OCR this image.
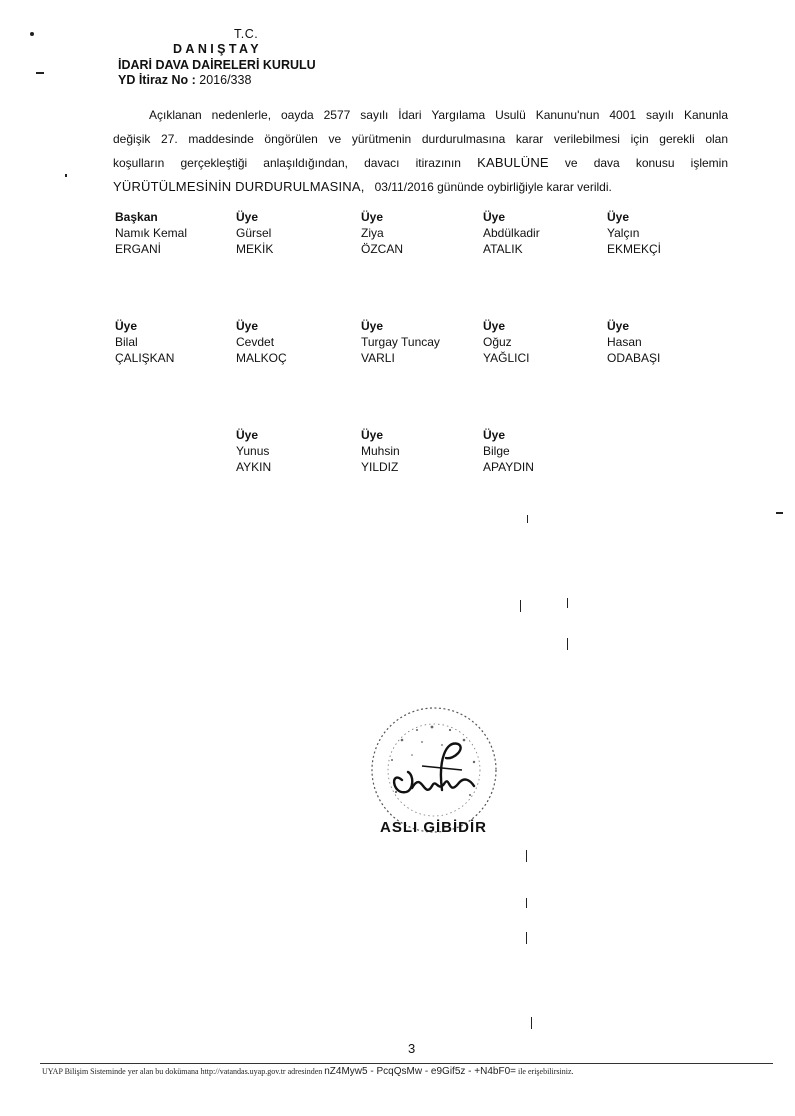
T.C.
DANIŞTAY
İDARİ DAVA DAİRELERİ KURULU
YD İtiraz No : 2016/338
Açıklanan nedenlerle, oayda 2577 sayılı İdari Yargılama Usulü Kanunu'nun 4001 sayılı Kanunla
değişik 27. maddesinde öngörülen ve yürütmenin durdurulmasına karar verilebilmesi için gerekli olan
koşulların gerçekleştiği anlaşıldığından, davacı itirazının KABULÜNE ve dava konusu işlemin
YÜRÜTÜLMESİNİN DURDURULMASINA, 03/11/2016 gününde oybirliğiyle karar verildi.
Başkan
Namık Kemal
ERGANİ
Üye
Gürsel
MEKİK
Üye
Ziya
ÖZCAN
Üye
Abdülkadir
ATALIK
Üye
Yalçın
EKMEKÇİ
Üye
Bilal
ÇALIŞKAN
Üye
Cevdet
MALKOÇ
Üye
Turgay Tuncay
VARLI
Üye
Oğuz
YAĞLICI
Üye
Hasan
ODABAŞI
Üye
Yunus
AYKIN
Üye
Muhsin
YILDIZ
Üye
Bilge
APAYDIN
ASLI GİBİDİR
3
UYAP Bilişim Sisteminde yer alan bu dokümana http://vatandas.uyap.gov.tr adresinden nZ4Myw5 - PcqQsMw - e9Gif5z - +N4bF0= ile erişebilirsiniz.
